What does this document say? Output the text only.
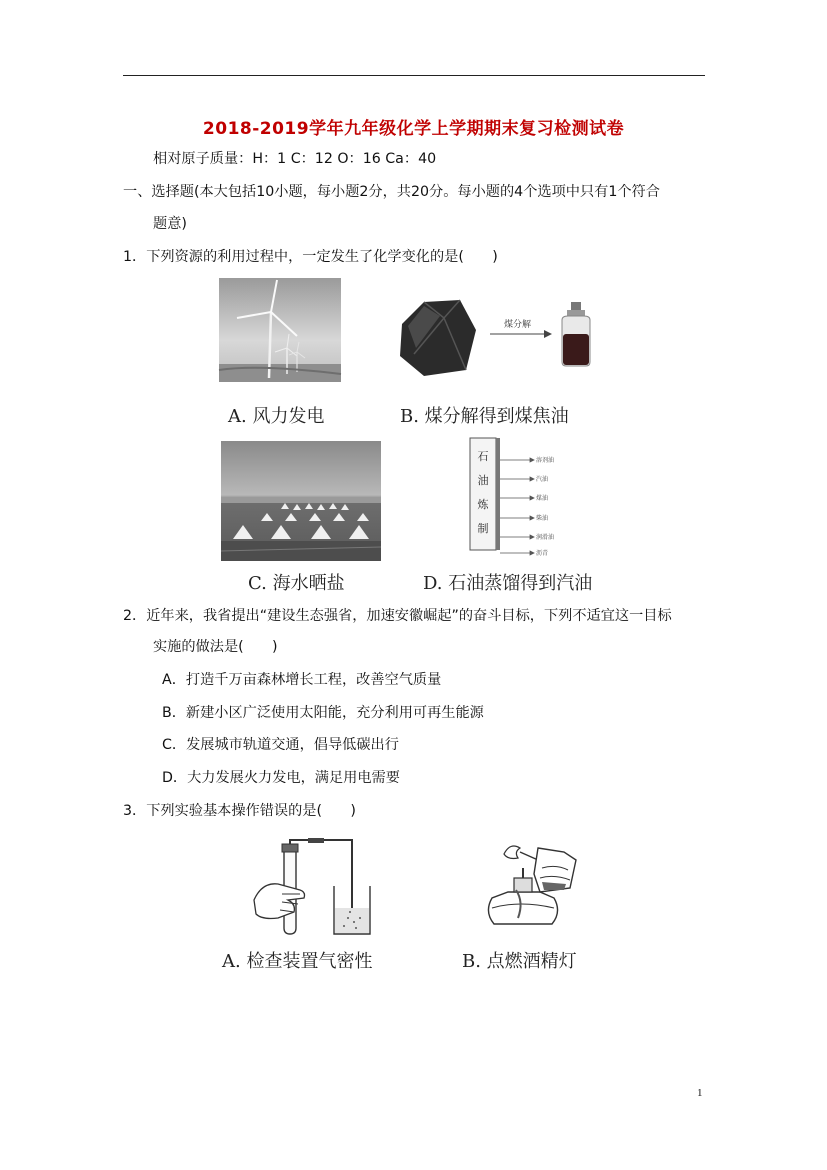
2018-2019学年九年级化学上学期期末复习检测试卷
相对原子质量：H：1 C：12 O：16 Ca：40
一、选择题(本大包括10小题，每小题2分，共20分。每小题的4个选项中只有1个符合
题意)
1．下列资源的利用过程中，一定发生了化学变化的是(　　)
A. 风力发电
煤分解
B. 煤分解得到煤焦油
C. 海水晒盐
石
油
炼
制
溶剂油
汽油
煤油
柴油
润滑油
沥青
D. 石油蒸馏得到汽油
2．近年来，我省提出“建设生态强省，加速安徽崛起”的奋斗目标，下列不适宜这一目标
实施的做法是(　　)
A．打造千万亩森林增长工程，改善空气质量
B．新建小区广泛使用太阳能，充分利用可再生能源
C．发展城市轨道交通，倡导低碳出行
D．大力发展火力发电，满足用电需要
3．下列实验基本操作错误的是(　　)
A. 检查装置气密性	B. 点燃酒精灯
1
